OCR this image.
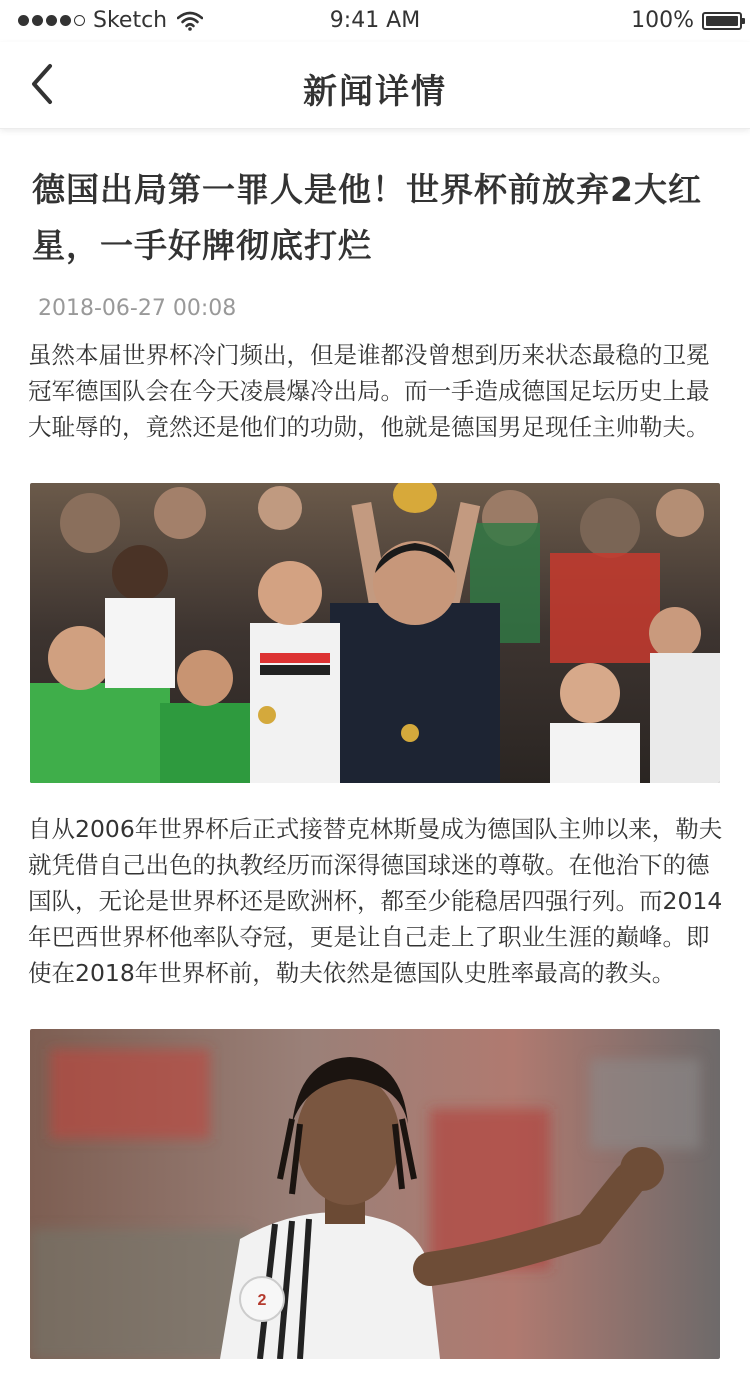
Sketch	9:41 AM	100%
新闻详情
德国出局第一罪人是他！世界杯前放弃2大红星，一手好牌彻底打烂
2018-06-27 00:08
虽然本届世界杯冷门频出，但是谁都没曾想到历来状态最稳的卫冕冠军德国队会在今天凌晨爆冷出局。而一手造成德国足坛历史上最大耻辱的，竟然还是他们的功勋，他就是德国男足现任主帅勒夫。
自从2006年世界杯后正式接替克林斯曼成为德国队主帅以来，勒夫就凭借自己出色的执教经历而深得德国球迷的尊敬。在他治下的德国队，无论是世界杯还是欧洲杯，都至少能稳居四强行列。而2014年巴西世界杯他率队夺冠，更是让自己走上了职业生涯的巅峰。即使在2018年世界杯前，勒夫依然是德国队史胜率最高的教头。
2
